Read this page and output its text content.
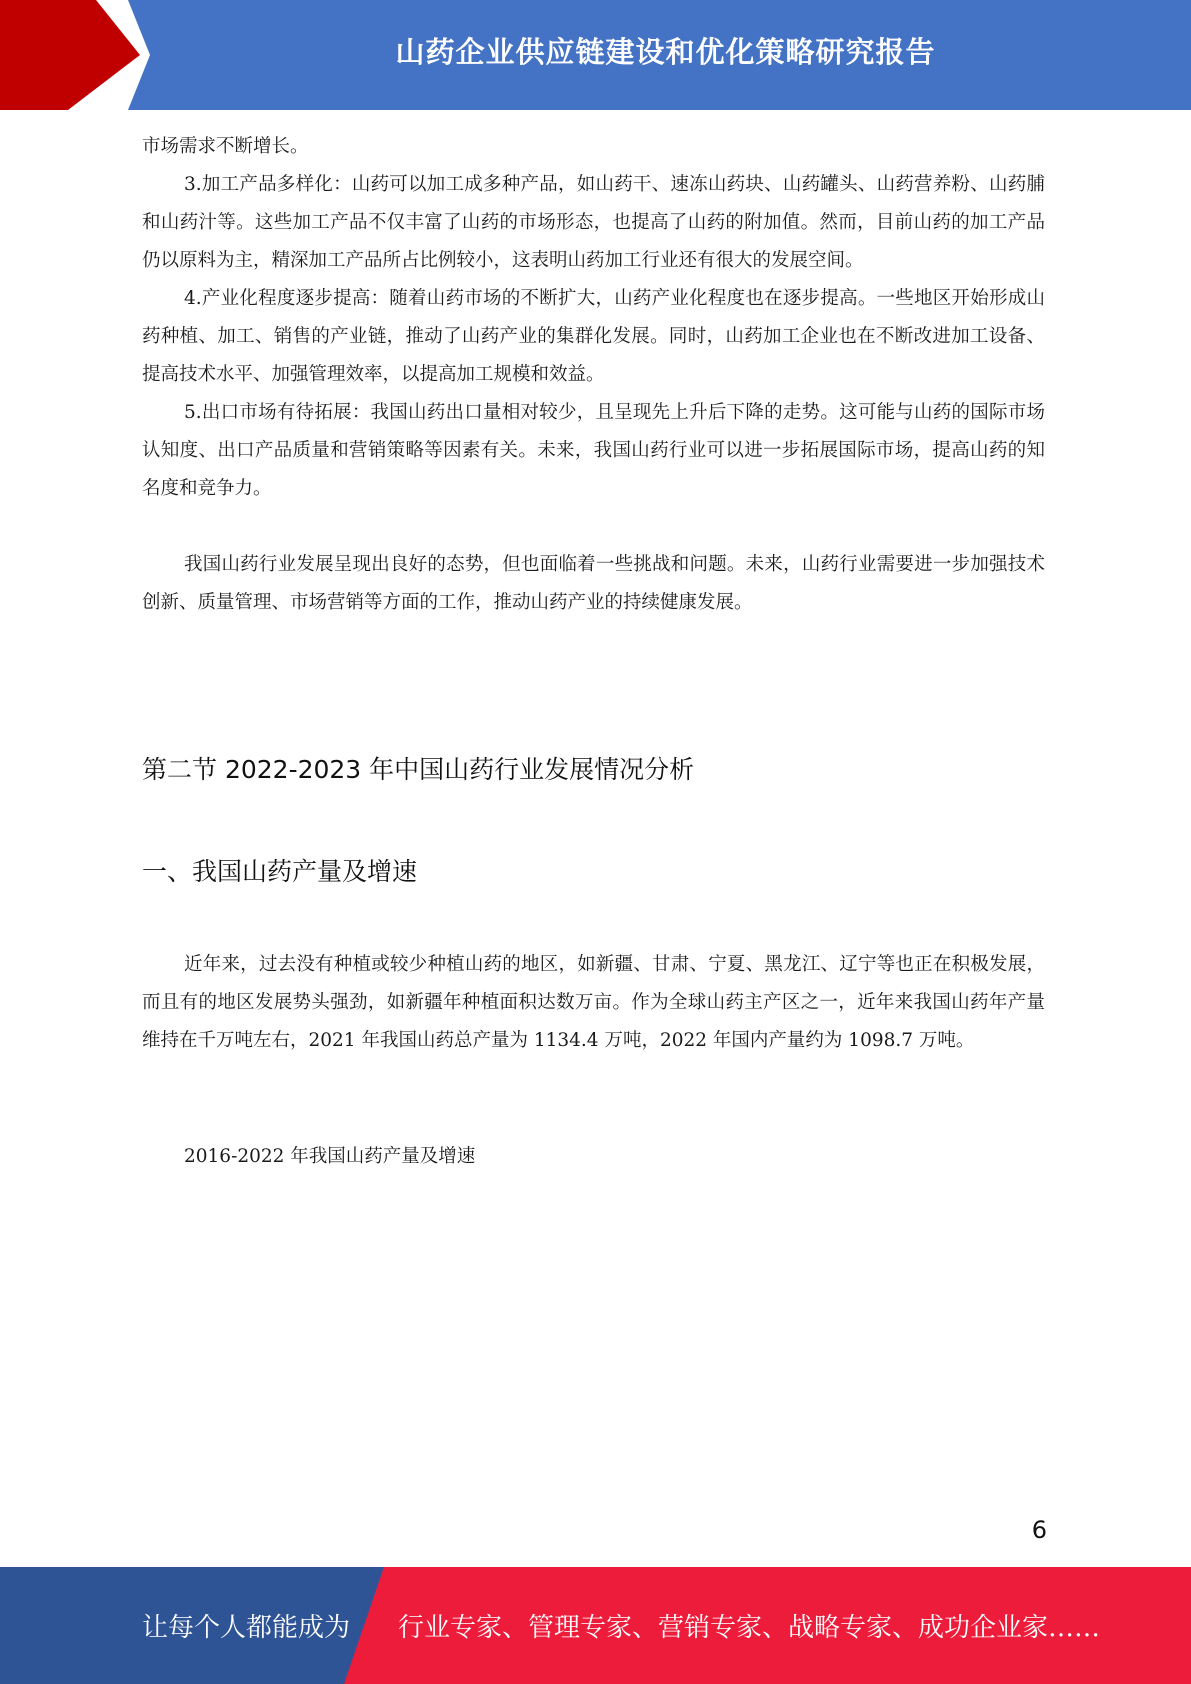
山药企业供应链建设和优化策略研究报告

市场需求不断增长。

3.加工产品多样化：山药可以加工成多种产品，如山药干、速冻山药块、山药罐头、山药营养粉、山药脯和山药汁等。这些加工产品不仅丰富了山药的市场形态，也提高了山药的附加值。然而，目前山药的加工产品仍以原料为主，精深加工产品所占比例较小，这表明山药加工行业还有很大的发展空间。

4.产业化程度逐步提高：随着山药市场的不断扩大，山药产业化程度也在逐步提高。一些地区开始形成山药种植、加工、销售的产业链，推动了山药产业的集群化发展。同时，山药加工企业也在不断改进加工设备、提高技术水平、加强管理效率，以提高加工规模和效益。

5.出口市场有待拓展：我国山药出口量相对较少，且呈现先上升后下降的走势。这可能与山药的国际市场认知度、出口产品质量和营销策略等因素有关。未来，我国山药行业可以进一步拓展国际市场，提高山药的知名度和竞争力。

我国山药行业发展呈现出良好的态势，但也面临着一些挑战和问题。未来，山药行业需要进一步加强技术创新、质量管理、市场营销等方面的工作，推动山药产业的持续健康发展。

第二节 2022-2023 年中国山药行业发展情况分析
一、我国山药产量及增速

近年来，过去没有种植或较少种植山药的地区，如新疆、甘肃、宁夏、黑龙江、辽宁等也正在积极发展，而且有的地区发展势头强劲，如新疆年种植面积达数万亩。作为全球山药主产区之一，近年来我国山药年产量维持在千万吨左右，2021 年我国山药总产量为 1134.4 万吨，2022 年国内产量约为 1098.7 万吨。

2016-2022 年我国山药产量及增速
6
让每个人都能成为 行业专家、管理专家、营销专家、战略专家、成功企业家……
